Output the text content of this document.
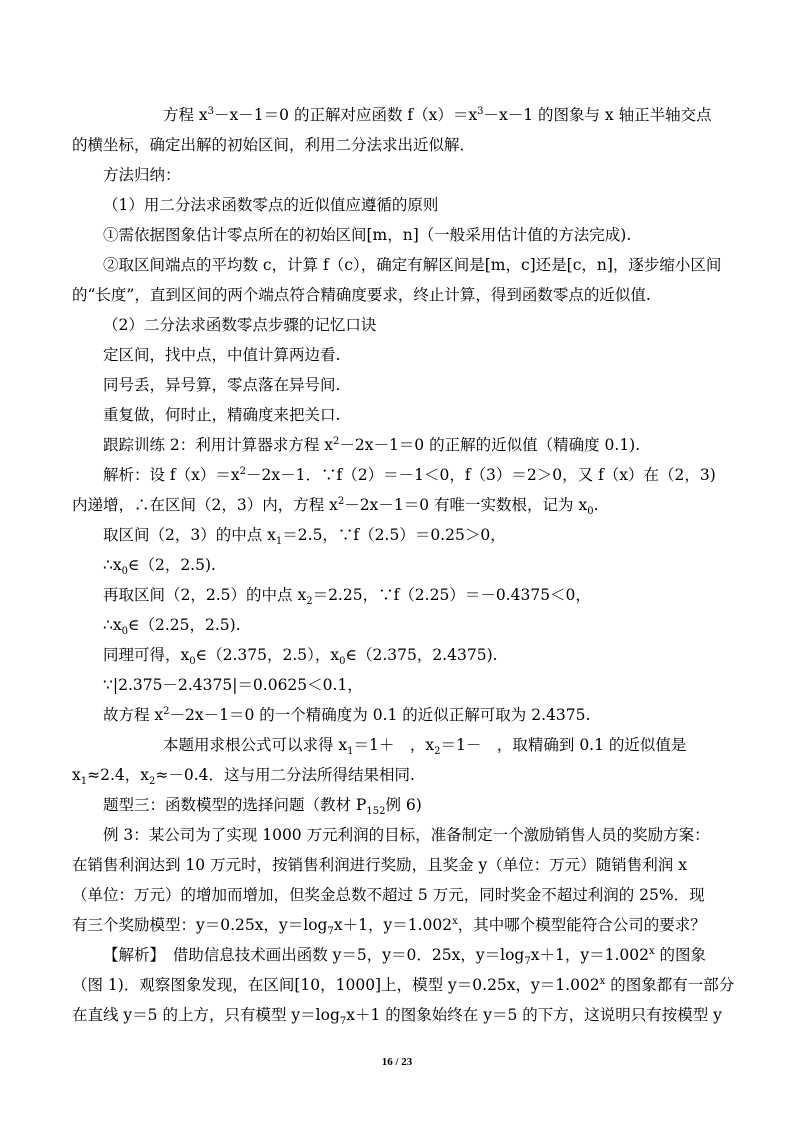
方程 $x^3-x-1=0$ 的正解对应函数 $f(x)=x^3-x-1$ 的图象与 x 轴正半轴交点
的横坐标，确定出解的初始区间，利用二分法求出近似解．
方法归纳：
（1）用二分法求函数零点的近似值应遵循的原则
①需依据图象估计零点所在的初始区间[m，n]（一般采用估计值的方法完成).
②取区间端点的平均数 c，计算 f（c），确定有解区间是[m，c]还是[c，n]，逐步缩小区间
的“长度”，直到区间的两个端点符合精确度要求，终止计算，得到函数零点的近似值.
（2）二分法求函数零点步骤的记忆口诀
定区间，找中点，中值计算两边看.
同号丢，异号算，零点落在异号间.
重复做，何时止，精确度来把关口.
跟踪训练 2：利用计算器求方程 $x^2-2x-1=0$ 的正解的近似值（精确度 0.1).
解析：设 $f(x)=x^2-2x-1$．∵f（2）＝－1＜0，f（3）＝2＞0，又 f（x）在（2，3)
内递增，∴在区间（2，3）内，方程 $x^2-2x-1=0$ 有唯一实数根，记为 $x_0$.
取区间（2，3）的中点 $x_1=2.5$，∵f（2.5）＝0.25＞0，
$\therefore x_0\in(2$，2.5).
再取区间（2，2.5）的中点 $x_2=2.25$，∵f（2.25）＝－0.4375＜0，
$\therefore x_0\in(2.25$，2.5).
同理可得，$x_0\in(2.375$，2.5），$x_0\in(2.375$，2.4375).
∵|2.375－2.4375|＝0.0625＜0.1，
故方程 $x^2-2x-1=0$ 的一个精确度为 0.1 的近似正解可取为 2.4375.
本题用求根公式可以求得 $x_1=1+$　，$x_2=1-$　，取精确到 0.1 的近似值是
$x_1\approx 2.4$，$x_2\approx-0.4$．这与用二分法所得结果相同.
题型三：函数模型的选择问题（教材 $P_{152}$例 6)
例 3：某公司为了实现 1000 万元利润的目标，准备制定一个激励销售人员的奖励方案：
在销售利润达到 10 万元时，按销售利润进行奖励，且奖金 y（单位：万元）随销售利润 x
（单位：万元）的增加而增加，但奖金总数不超过 5 万元，同时奖金不超过利润的 25%．现
有三个奖励模型：y＝0.25x，$y=\log_7x+1$，$y=1.002^x$，其中哪个模型能符合公司的要求？
【解析】　借助信息技术画出函数 y＝5，y＝0．25x，$y=\log_7x+1$，$y=1.002^x$ 的图象
（图 1)．观察图象发现，在区间[10，1000]上，模型 y＝0.25x，$y=1.002^x$ 的图象都有一部分
在直线 y＝5 的上方，只有模型 $y=\log_7x+1$ 的图象始终在 y＝5 的下方，这说明只有按模型 y
16 / 23
